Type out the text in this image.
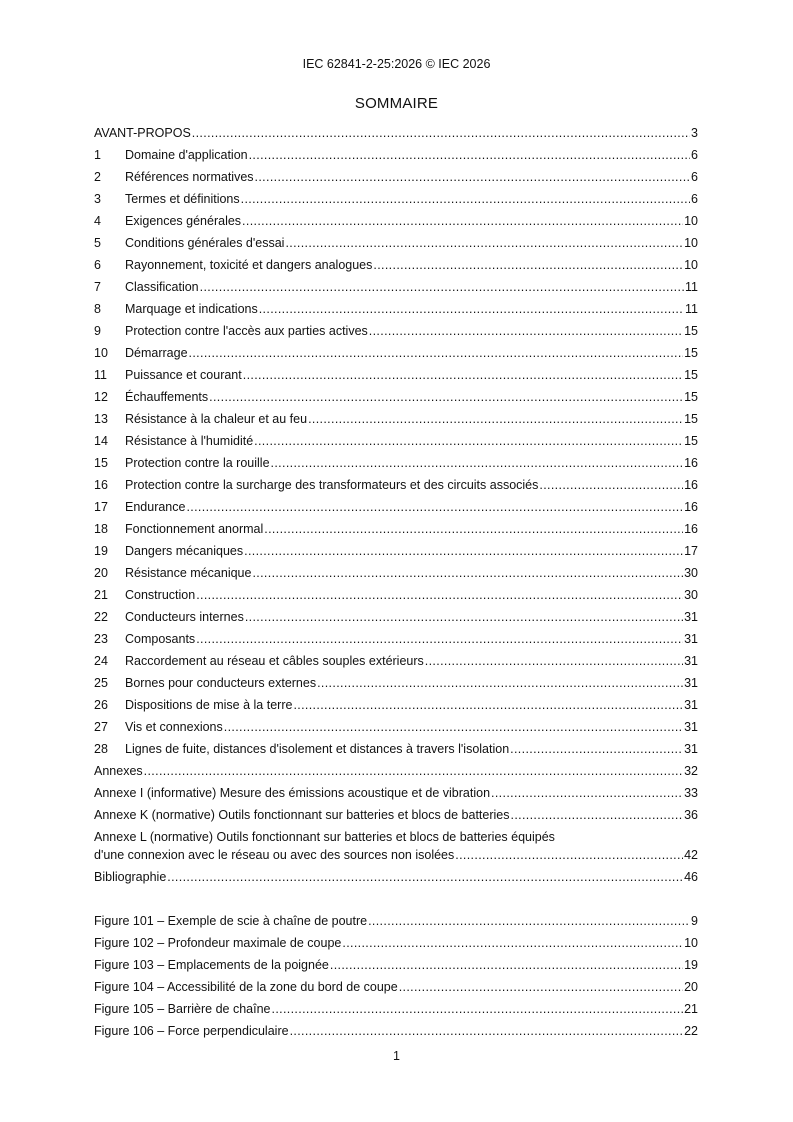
IEC 62841-2-25:2026 © IEC 2026
SOMMAIRE
AVANT-PROPOS .....	3
1	Domaine d'application .....	6
2	Références normatives .....	6
3	Termes et définitions .....	6
4	Exigences générales .....	10
5	Conditions générales d'essai .....	10
6	Rayonnement, toxicité et dangers analogues .....	10
7	Classification .....	11
8	Marquage et indications .....	11
9	Protection contre l'accès aux parties actives .....	15
10	Démarrage .....	15
11	Puissance et courant .....	15
12	Échauffements .....	15
13	Résistance à la chaleur et au feu .....	15
14	Résistance à l'humidité .....	15
15	Protection contre la rouille .....	16
16	Protection contre la surcharge des transformateurs et des circuits associés .....	16
17	Endurance .....	16
18	Fonctionnement anormal .....	16
19	Dangers mécaniques .....	17
20	Résistance mécanique .....	30
21	Construction .....	30
22	Conducteurs internes .....	31
23	Composants .....	31
24	Raccordement au réseau et câbles souples extérieurs .....	31
25	Bornes pour conducteurs externes .....	31
26	Dispositions de mise à la terre .....	31
27	Vis et connexions .....	31
28	Lignes de fuite, distances d'isolement et distances à travers l'isolation .....	31
Annexes .....	32
Annexe I (informative) Mesure des émissions acoustique et de vibration .....	33
Annexe K (normative) Outils fonctionnant sur batteries et blocs de batteries .....	36
Annexe L (normative) Outils fonctionnant sur batteries et blocs de batteries équipés
d'une connexion avec le réseau ou avec des sources non isolées .....	42
Bibliographie .....	46
Figure 101 – Exemple de scie à chaîne de poutre .....	9
Figure 102 – Profondeur maximale de coupe .....	10
Figure 103 – Emplacements de la poignée .....	19
Figure 104 – Accessibilité de la zone du bord de coupe .....	20
Figure 105 – Barrière de chaîne .....	21
Figure 106 – Force perpendiculaire .....	22
1
